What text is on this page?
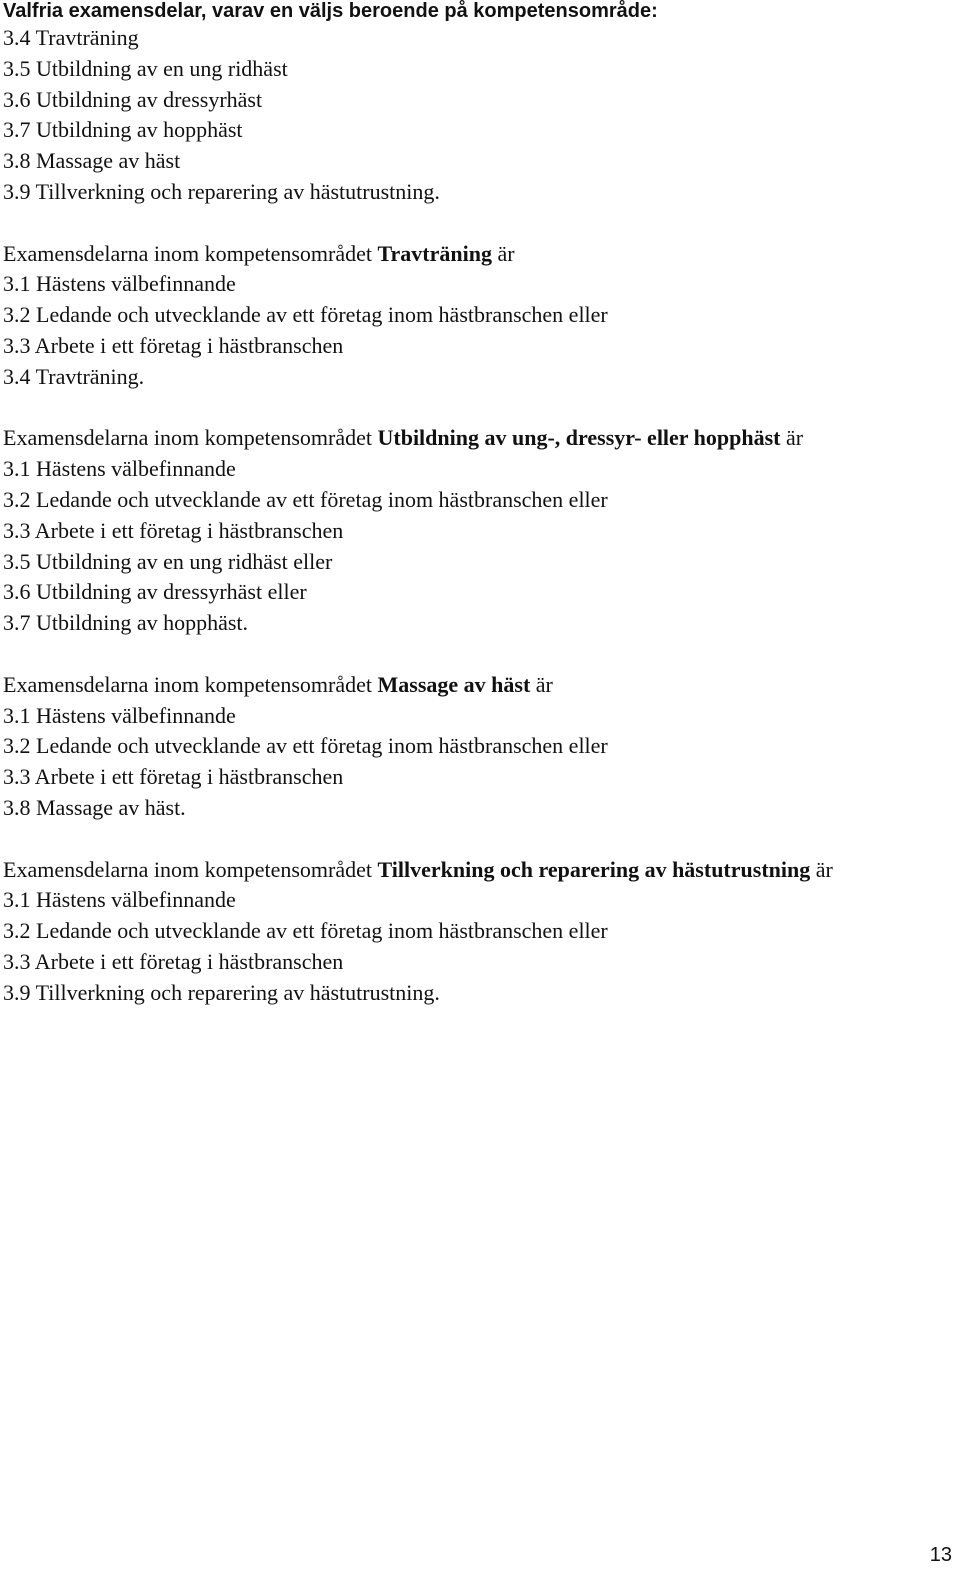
Valfria examensdelar, varav en väljs beroende på kompetensområde:

3.4 Travträning

3.5 Utbildning av en ung ridhäst

3.6 Utbildning av dressyrhäst

3.7 Utbildning av hopphäst

3.8 Massage av häst

3.9 Tillverkning och reparering av hästutrustning.

Examensdelarna inom kompetensområdet Travträning är

3.1 Hästens välbefinnande

3.2 Ledande och utvecklande av ett företag inom hästbranschen eller

3.3 Arbete i ett företag i hästbranschen

3.4 Travträning.

Examensdelarna inom kompetensområdet Utbildning av ung-, dressyr- eller hopphäst är

3.1 Hästens välbefinnande

3.2 Ledande och utvecklande av ett företag inom hästbranschen eller

3.3 Arbete i ett företag i hästbranschen

3.5 Utbildning av en ung ridhäst eller

3.6 Utbildning av dressyrhäst eller

3.7 Utbildning av hopphäst.

Examensdelarna inom kompetensområdet Massage av häst är

3.1 Hästens välbefinnande

3.2 Ledande och utvecklande av ett företag inom hästbranschen eller

3.3 Arbete i ett företag i hästbranschen

3.8 Massage av häst.

Examensdelarna inom kompetensområdet Tillverkning och reparering av hästutrustning är

3.1 Hästens välbefinnande

3.2 Ledande och utvecklande av ett företag inom hästbranschen eller

3.3 Arbete i ett företag i hästbranschen

3.9 Tillverkning och reparering av hästutrustning.

13
